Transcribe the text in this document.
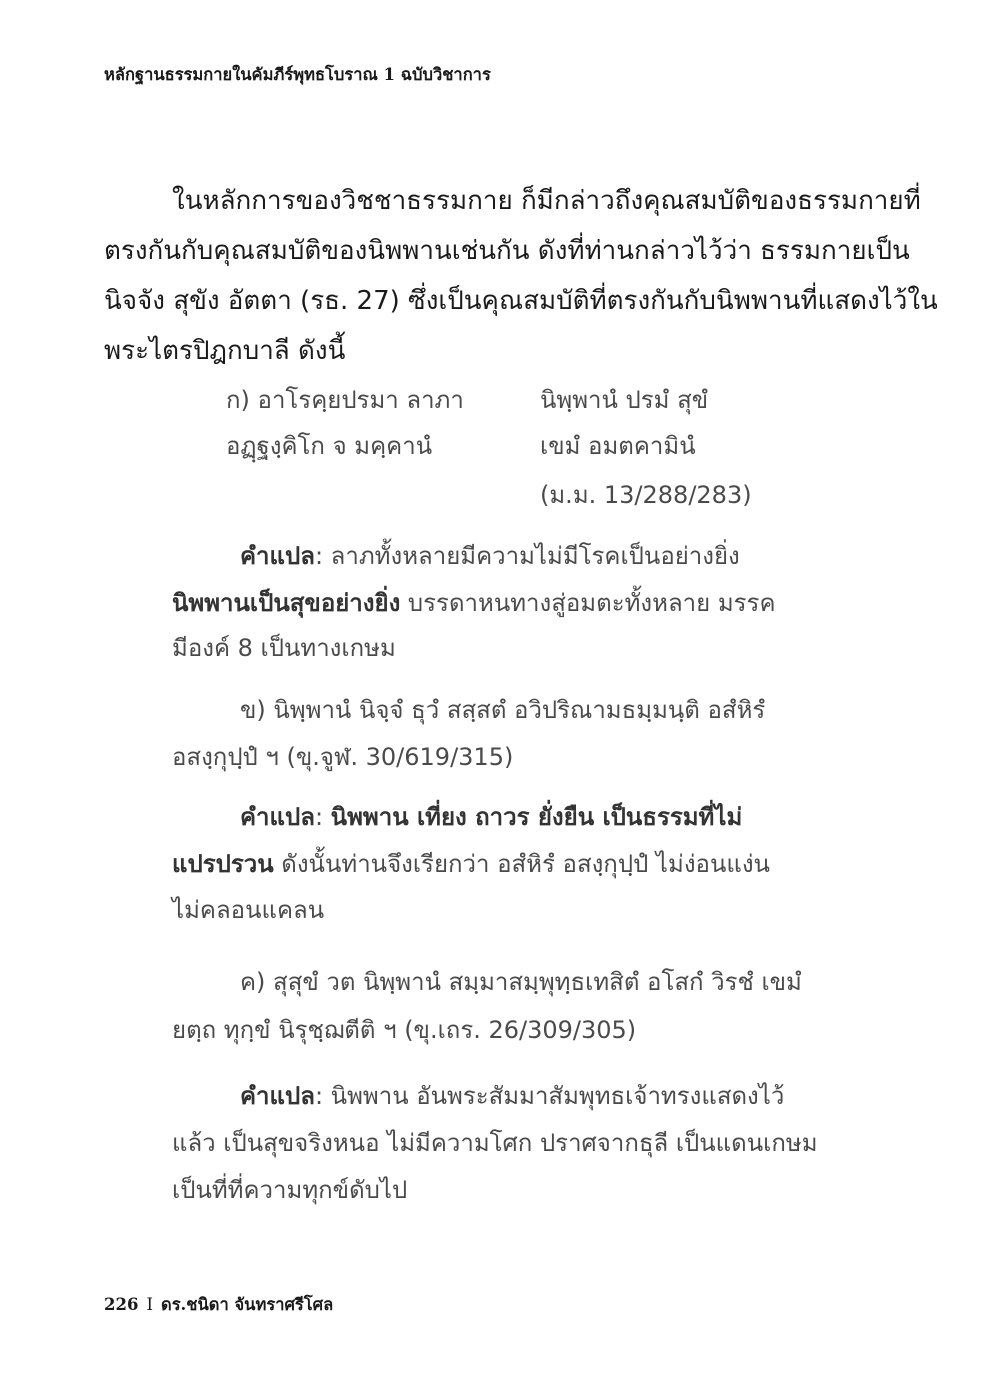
หลักฐานธรรมกายในคัมภีร์พุทธโบราณ 1 ฉบับวิชาการ
ในหลักการของวิชชาธรรมกาย ก็มีกล่าวถึงคุณสมบัติของธรรมกายที่
ตรงกันกับคุณสมบัติของนิพพานเช่นกัน ดังที่ท่านกล่าวไว้ว่า ธรรมกายเป็น
นิจจัง สุขัง อัตตา (รธ. 27) ซึ่งเป็นคุณสมบัติที่ตรงกันกับนิพพานที่แสดงไว้ใน
พระไตรปิฎกบาลี ดังนี้
ก) อาโรคฺยปรมา ลาภา	นิพฺพานํ ปรมํ สุขํ
อฏฺฐงฺคิโก จ มคฺคานํ	เขมํ อมตคามินํ
(ม.ม. 13/288/283)
คำแปล: ลาภทั้งหลายมีความไม่มีโรคเป็นอย่างยิ่ง
นิพพานเป็นสุขอย่างยิ่ง บรรดาหนทางสู่อมตะทั้งหลาย มรรค
มีองค์ 8 เป็นทางเกษม
ข) นิพฺพานํ นิจฺจํ ธุวํ สสฺสตํ อวิปริณามธมฺมนฺติ อสํหิรํ
อสงฺกุปฺปํ ฯ (ขุ.จูฬ. 30/619/315)
คำแปล: นิพพาน เที่ยง ถาวร ยั่งยืน เป็นธรรมที่ไม่
แปรปรวน ดังนั้นท่านจึงเรียกว่า อสํหิรํ อสงฺกุปฺปํ ไม่ง่อนแง่น
ไม่คลอนแคลน
ค) สุสุขํ วต นิพฺพานํ สมฺมาสมฺพุทฺธเทสิตํ อโสกํ วิรชํ เขมํ
ยตฺถ ทุกฺขํ นิรุชฺฌตีติ ฯ (ขุ.เถร. 26/309/305)
คำแปล: นิพพาน อันพระสัมมาสัมพุทธเจ้าทรงแสดงไว้
แล้ว เป็นสุขจริงหนอ ไม่มีความโศก ปราศจากธุลี เป็นแดนเกษม
เป็นที่ที่ความทุกข์ดับไป
226 I ดร.ชนิดา จันทราศรีโศล
